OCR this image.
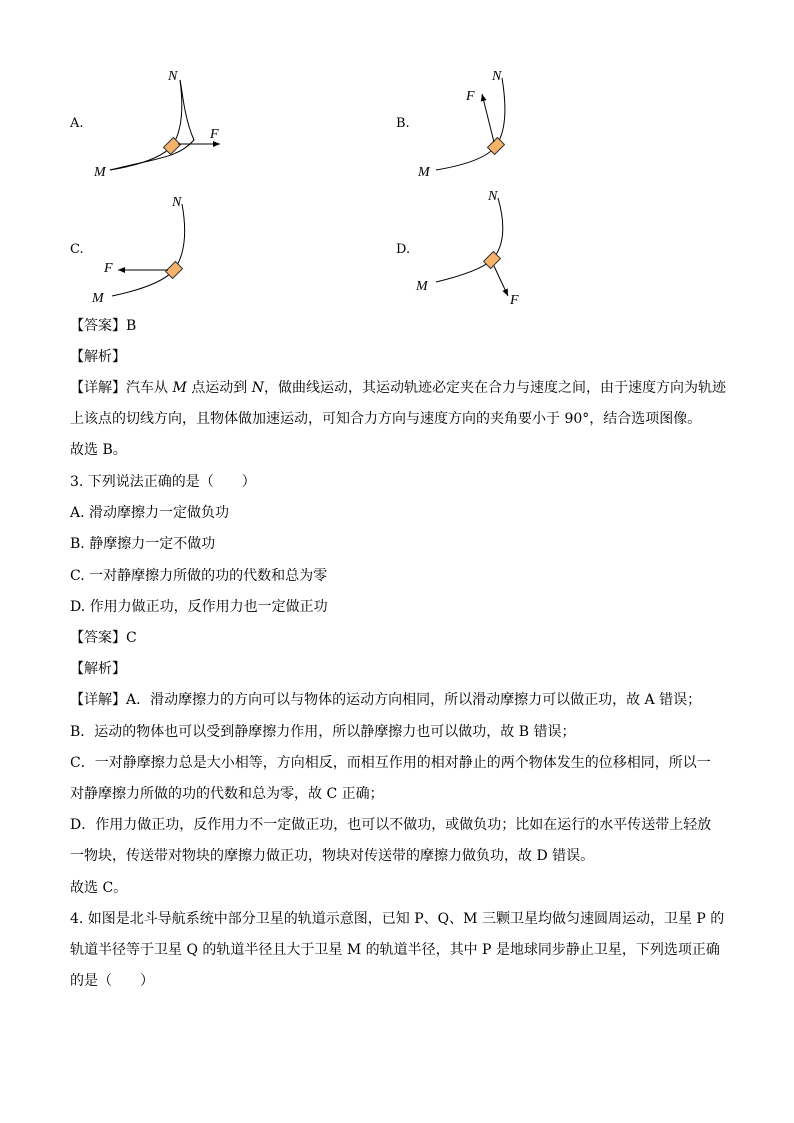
A.
N
M
F
B.
N
M
F
C.
N
M
F
D.
N
M
F
【答案】B
【解析】
【详解】汽车从 M 点运动到 N，做曲线运动，其运动轨迹必定夹在合力与速度之间，由于速度方向为轨迹
上该点的切线方向，且物体做加速运动，可知合力方向与速度方向的夹角要小于 90°，结合选项图像。
故选 B。
3. 下列说法正确的是（　　）
A. 滑动摩擦力一定做负功
B. 静摩擦力一定不做功
C. 一对静摩擦力所做的功的代数和总为零
D. 作用力做正功，反作用力也一定做正功
【答案】C
【解析】
【详解】A．滑动摩擦力的方向可以与物体的运动方向相同，所以滑动摩擦力可以做正功，故 A 错误；
B．运动的物体也可以受到静摩擦力作用，所以静摩擦力也可以做功，故 B 错误；
C．一对静摩擦力总是大小相等，方向相反，而相互作用的相对静止的两个物体发生的位移相同，所以一
对静摩擦力所做的功的代数和总为零，故 C 正确；
D．作用力做正功，反作用力不一定做正功，也可以不做功，或做负功；比如在运行的水平传送带上轻放
一物块，传送带对物块的摩擦力做正功，物块对传送带的摩擦力做负功，故 D 错误。
故选 C。
4. 如图是北斗导航系统中部分卫星的轨道示意图，已知 P、Q、M 三颗卫星均做匀速圆周运动，卫星 P 的
轨道半径等于卫星 Q 的轨道半径且大于卫星 M 的轨道半径，其中 P 是地球同步静止卫星，下列选项正确
的是（　　）
